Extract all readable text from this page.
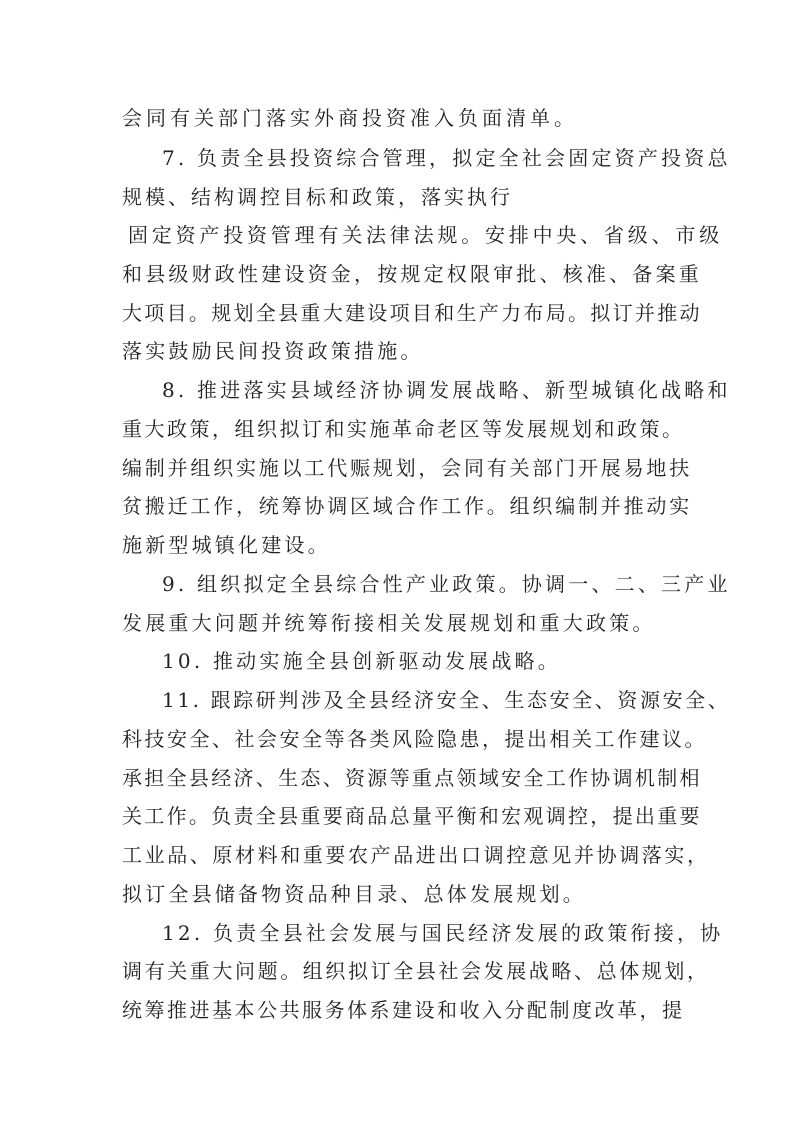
会同有关部门落实外商投资准入负面清单。
7. 负责全县投资综合管理，拟定全社会固定资产投资总
规模、结构调控目标和政策，落实执行
固定资产投资管理有关法律法规。安排中央、省级、市级
和县级财政性建设资金，按规定权限审批、核准、备案重
大项目。规划全县重大建设项目和生产力布局。拟订并推动
落实鼓励民间投资政策措施。
8. 推进落实县域经济协调发展战略、新型城镇化战略和
重大政策，组织拟订和实施革命老区等发展规划和政策。
编制并组织实施以工代赈规划，会同有关部门开展易地扶
贫搬迁工作，统筹协调区域合作工作。组织编制并推动实
施新型城镇化建设。
9. 组织拟定全县综合性产业政策。协调一、二、三产业
发展重大问题并统筹衔接相关发展规划和重大政策。
10. 推动实施全县创新驱动发展战略。
11. 跟踪研判涉及全县经济安全、生态安全、资源安全、
科技安全、社会安全等各类风险隐患，提出相关工作建议。
承担全县经济、生态、资源等重点领域安全工作协调机制相
关工作。负责全县重要商品总量平衡和宏观调控，提出重要
工业品、原材料和重要农产品进出口调控意见并协调落实，
拟订全县储备物资品种目录、总体发展规划。
12. 负责全县社会发展与国民经济发展的政策衔接，协
调有关重大问题。组织拟订全县社会发展战略、总体规划，
统筹推进基本公共服务体系建设和收入分配制度改革，提
